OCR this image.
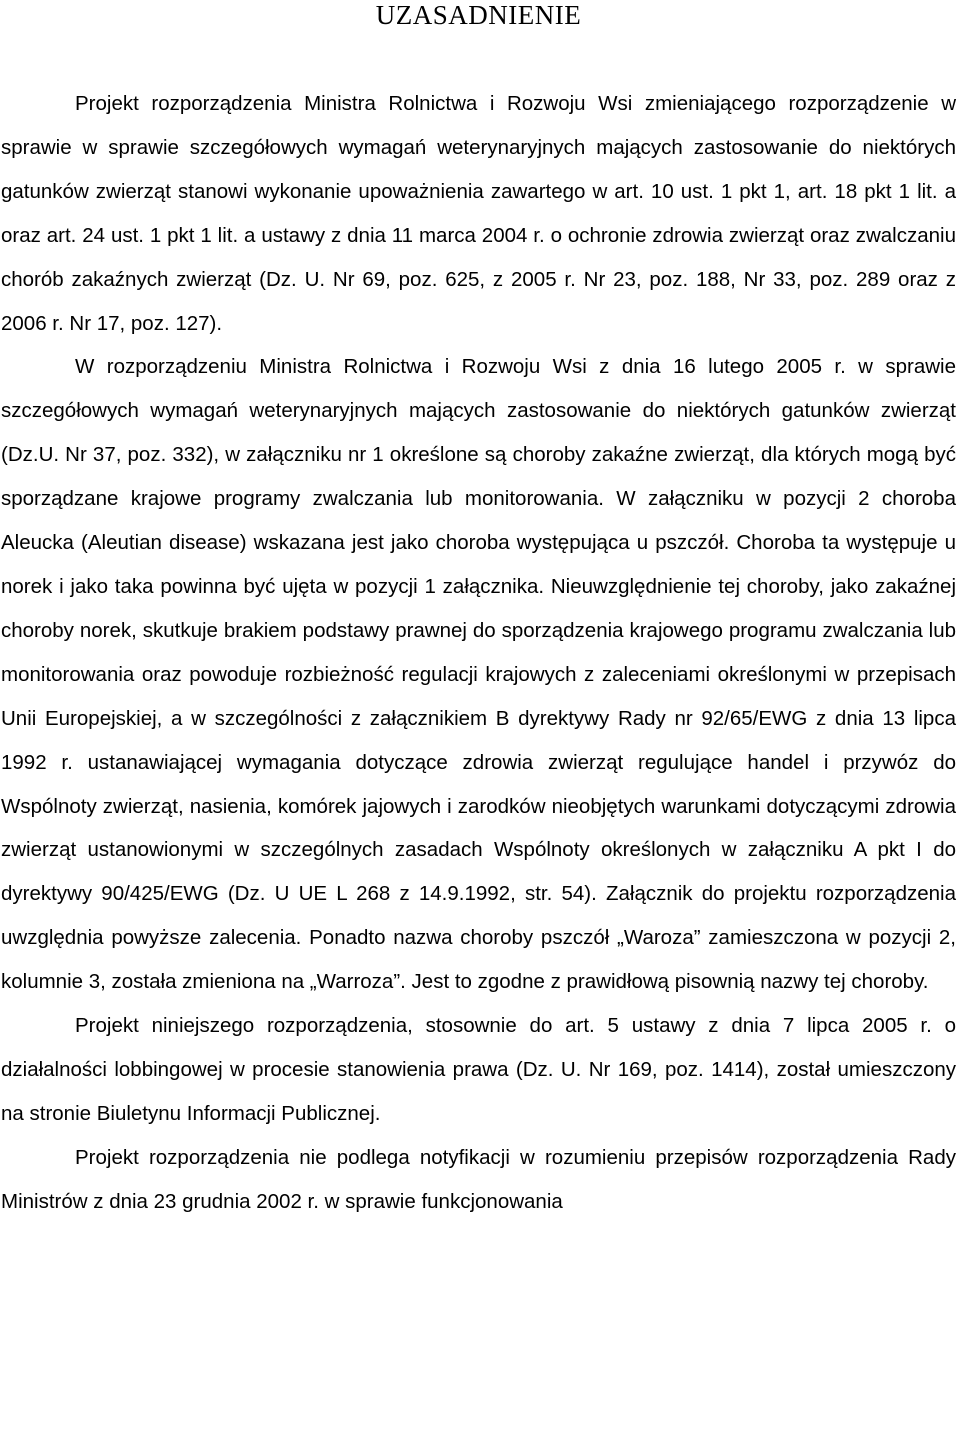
UZASADNIENIE

Projekt rozporządzenia Ministra Rolnictwa i Rozwoju Wsi zmieniającego rozporządzenie w sprawie w sprawie szczegółowych wymagań weterynaryjnych mających zastosowanie do niektórych gatunków zwierząt stanowi wykonanie upoważnienia zawartego w art. 10 ust. 1 pkt 1, art. 18 pkt 1 lit. a oraz art. 24 ust. 1 pkt 1 lit. a ustawy z dnia 11 marca 2004 r. o ochronie zdrowia zwierząt oraz zwalczaniu chorób zakaźnych zwierząt (Dz. U. Nr 69, poz. 625, z 2005 r. Nr 23, poz. 188, Nr 33, poz. 289 oraz z 2006 r. Nr 17, poz. 127).

W rozporządzeniu Ministra Rolnictwa i Rozwoju Wsi z dnia 16 lutego 2005 r. w sprawie szczegółowych wymagań weterynaryjnych mających zastosowanie do niektórych gatunków zwierząt (Dz.U. Nr 37, poz. 332), w załączniku nr 1 określone są choroby zakaźne zwierząt, dla których mogą być sporządzane krajowe programy zwalczania lub monitorowania. W załączniku w pozycji 2 choroba Aleucka (Aleutian disease) wskazana jest jako choroba występująca u pszczół. Choroba ta występuje u norek i jako taka powinna być ujęta w pozycji 1 załącznika. Nieuwzględnienie tej choroby, jako zakaźnej choroby norek, skutkuje brakiem podstawy prawnej do sporządzenia krajowego programu zwalczania lub monitorowania oraz powoduje rozbieżność regulacji krajowych z zaleceniami określonymi w przepisach Unii Europejskiej, a w szczególności z załącznikiem B dyrektywy Rady nr 92/65/EWG z dnia 13 lipca 1992 r. ustanawiającej wymagania dotyczące zdrowia zwierząt regulujące handel i przywóz do Wspólnoty zwierząt, nasienia, komórek jajowych i zarodków nieobjętych warunkami dotyczącymi zdrowia zwierząt ustanowionymi w szczególnych zasadach Wspólnoty określonych w załączniku A pkt I do dyrektywy 90/425/EWG (Dz. U UE L 268 z 14.9.1992, str. 54). Załącznik do projektu rozporządzenia uwzględnia powyższe zalecenia. Ponadto nazwa choroby pszczół „Waroza” zamieszczona w pozycji 2, kolumnie 3, została zmieniona na „Warroza”. Jest to zgodne z prawidłową pisownią nazwy tej choroby.

Projekt niniejszego rozporządzenia, stosownie do art. 5 ustawy z dnia 7 lipca 2005 r. o działalności lobbingowej w procesie stanowienia prawa (Dz. U. Nr 169, poz. 1414), został umieszczony na stronie Biuletynu Informacji Publicznej.

Projekt rozporządzenia nie podlega notyfikacji w rozumieniu przepisów rozporządzenia Rady Ministrów z dnia 23 grudnia 2002 r. w sprawie funkcjonowania
